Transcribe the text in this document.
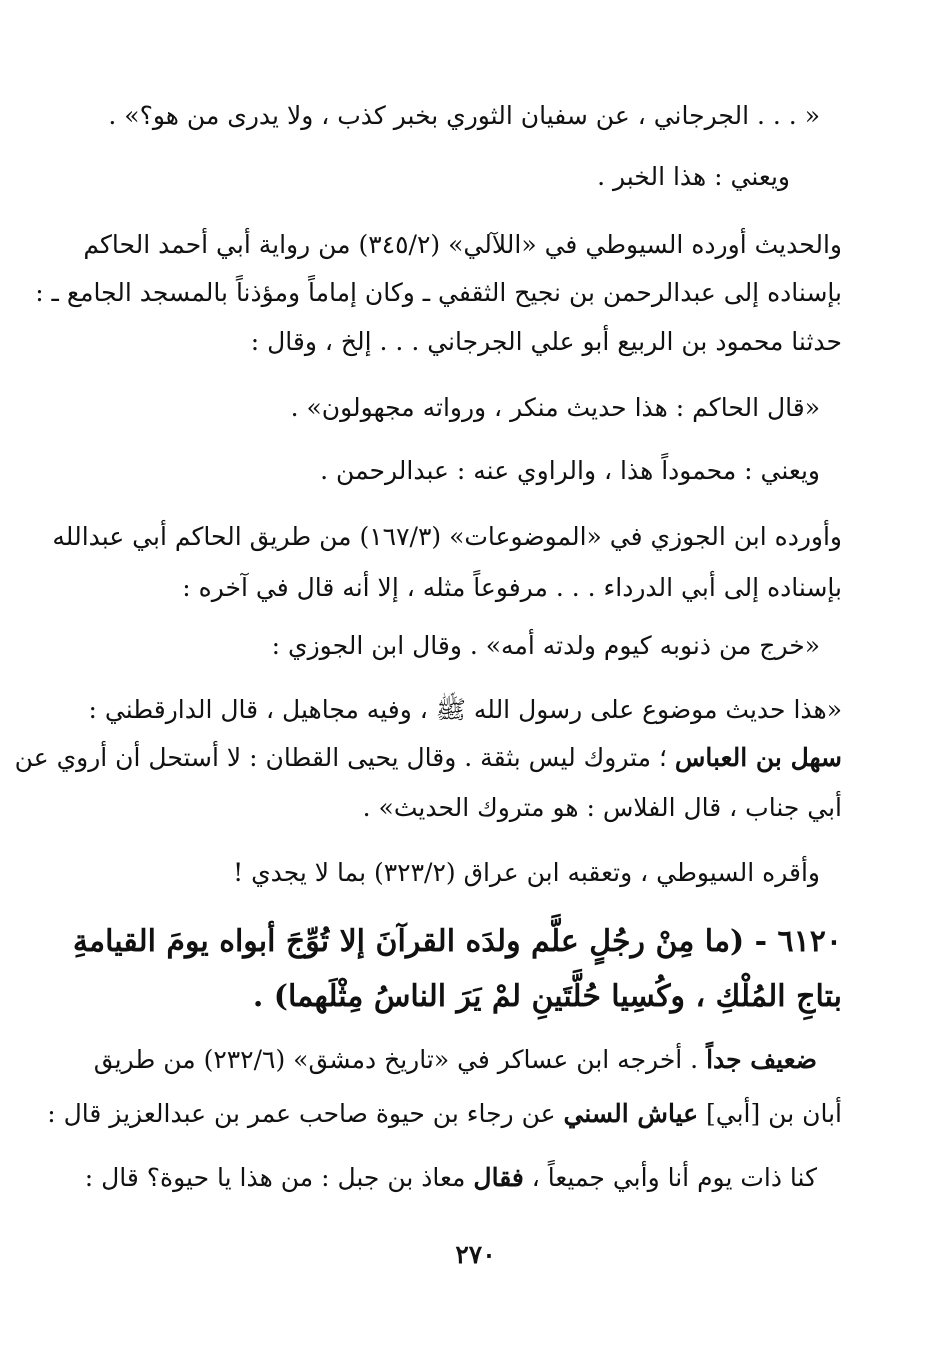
« . . . الجرجاني ، عن سفيان الثوري بخبر كذب ، ولا يدرى من هو؟» .
ويعني : هذا الخبر .
والحديث أورده السيوطي في «اللآلي» (٣٤٥/٢) من رواية أبي أحمد الحاكم
بإسناده إلى عبدالرحمن بن نجيح الثقفي ـ وكان إماماً ومؤذناً بالمسجد الجامع ـ :
حدثنا محمود بن الربيع أبو علي الجرجاني . . . إلخ ، وقال :
«قال الحاكم : هذا حديث منكر ، ورواته مجهولون» .
ويعني : محموداً هذا ، والراوي عنه : عبدالرحمن .
وأورده ابن الجوزي في «الموضوعات» (١٦٧/٣) من طريق الحاكم أبي عبدالله
بإسناده إلى أبي الدرداء . . . مرفوعاً مثله ، إلا أنه قال في آخره :
«خرج من ذنوبه كيوم ولدته أمه» . وقال ابن الجوزي :
«هذا حديث موضوع على رسول الله ﷺ ، وفيه مجاهيل ، قال الدارقطني :
سهل بن العباس ؛ متروك ليس بثقة . وقال يحيى القطان : لا أستحل أن أروي عن
أبي جناب ، قال الفلاس : هو متروك الحديث» .
وأقره السيوطي ، وتعقبه ابن عراق (٣٢٣/٢) بما لا يجدي !
٦١٢٠ - (ما مِنْ رجُلٍ علَّم ولدَه القرآنَ إلا تُوِّجَ أبواه يومَ القيامةِ
بتاجِ المُلْكِ ، وكُسِيا حُلَّتَينِ لمْ يَرَ الناسُ مِثْلَهما) .
ضعيف جداً . أخرجه ابن عساكر في «تاريخ دمشق» (٢٣٢/٦) من طريق
أبان بن [أبي] عياش السني عن رجاء بن حيوة صاحب عمر بن عبدالعزيز قال :
كنا ذات يوم أنا وأبي جميعاً ، فقال معاذ بن جبل : من هذا يا حيوة؟ قال :
٢٧٠
